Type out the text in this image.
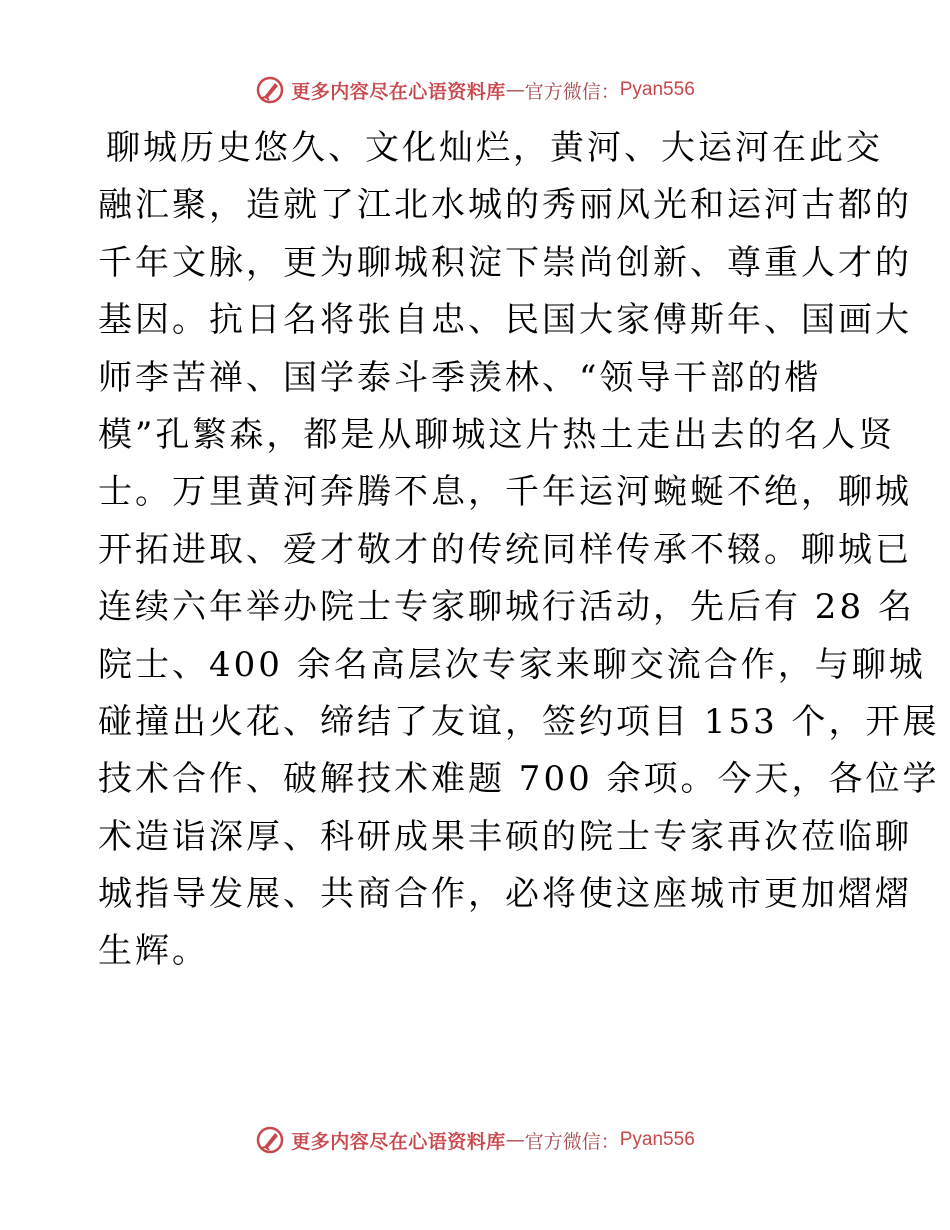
更多内容尽在心语资料库 — 官方微信： Pyan556
聊城历史悠久、文化灿烂，黄河、大运河在此交
融汇聚，造就了江北水城的秀丽风光和运河古都的
千年文脉，更为聊城积淀下崇尚创新、尊重人才的
基因。抗日名将张自忠、民国大家傅斯年、国画大
师李苦禅、国学泰斗季羡林、“领导干部的楷
模”孔繁森，都是从聊城这片热土走出去的名人贤
士。万里黄河奔腾不息，千年运河蜿蜒不绝，聊城
开拓进取、爱才敬才的传统同样传承不辍。聊城已
连续六年举办院士专家聊城行活动，先后有 28 名
院士、400 余名高层次专家来聊交流合作，与聊城
碰撞出火花、缔结了友谊，签约项目 153 个，开展
技术合作、破解技术难题 700 余项。今天，各位学
术造诣深厚、科研成果丰硕的院士专家再次莅临聊
城指导发展、共商合作，必将使这座城市更加熠熠
生辉。
更多内容尽在心语资料库 — 官方微信： Pyan556
